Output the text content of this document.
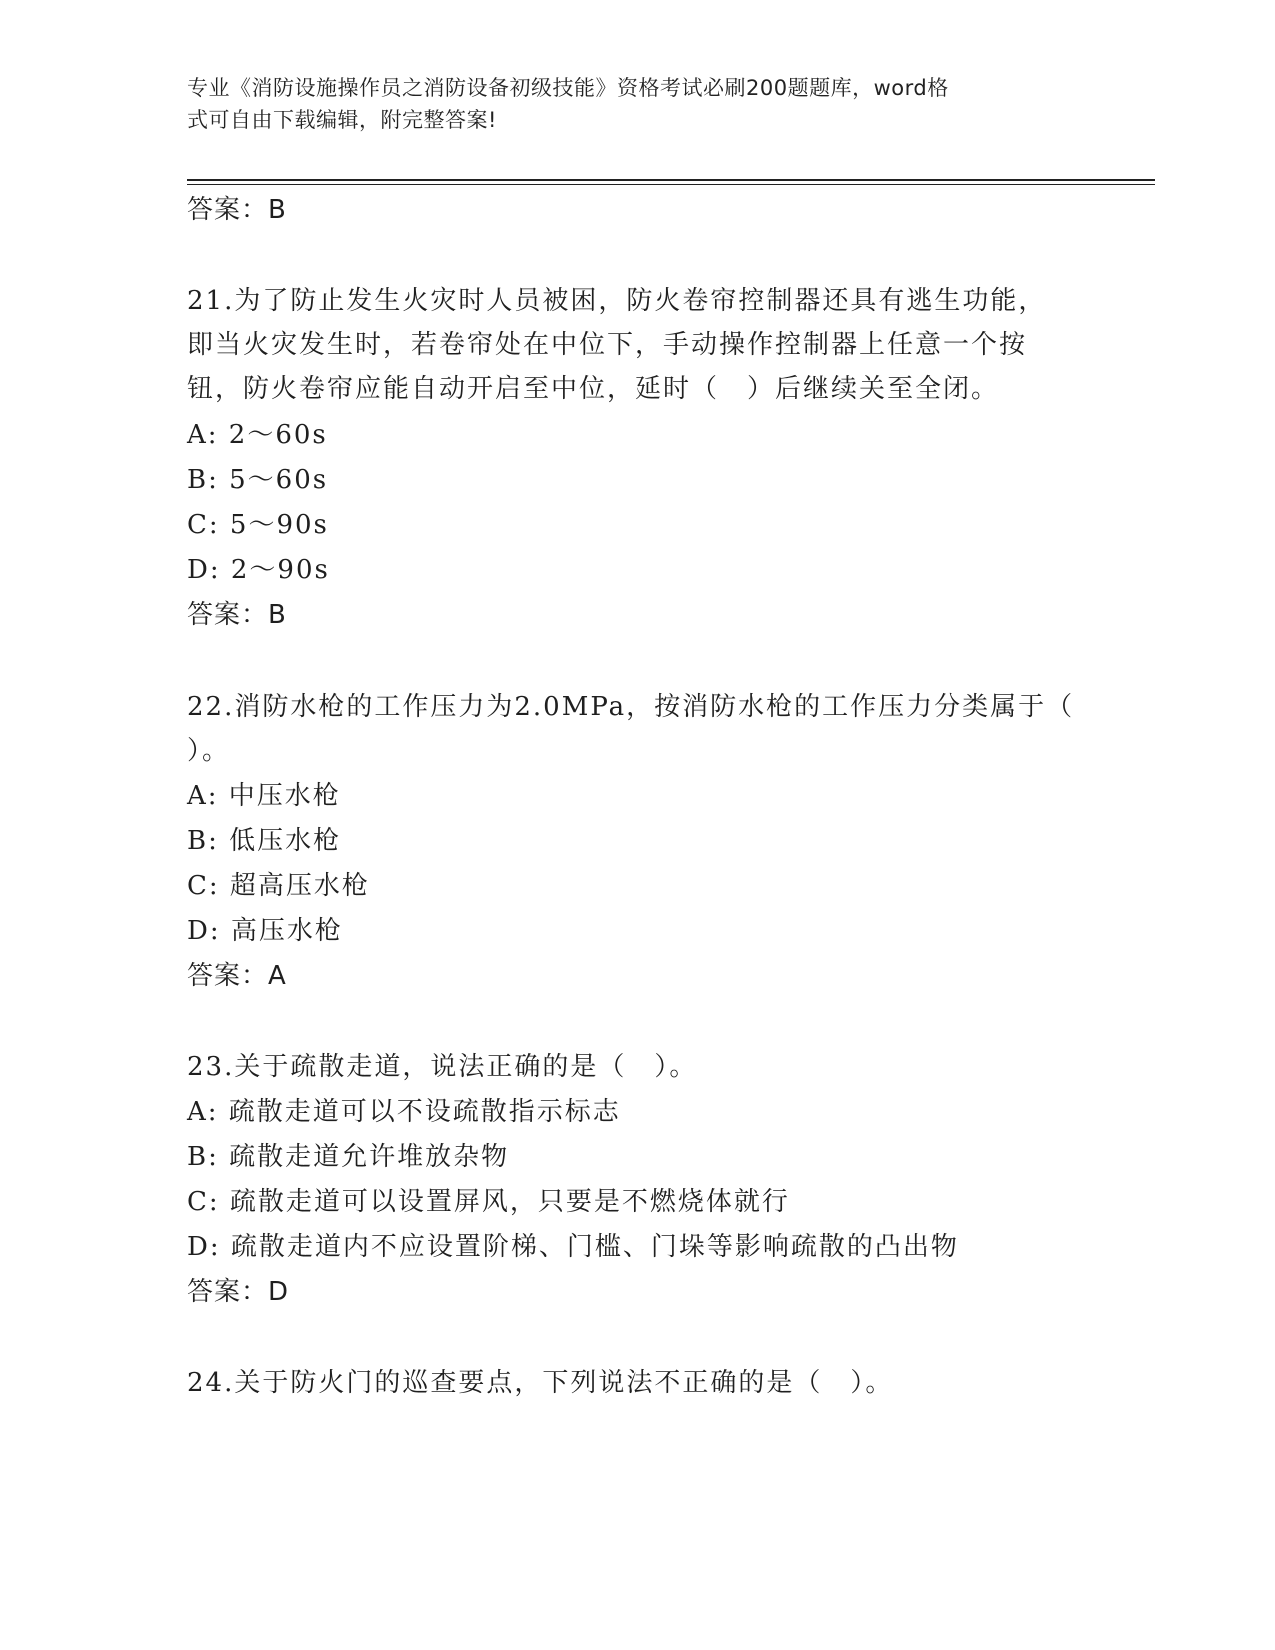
专业《消防设施操作员之消防设备初级技能》资格考试必刷200题题库，word格
式可自由下载编辑，附完整答案!
答案：B
21.为了防止发生火灾时人员被困，防火卷帘控制器还具有逃生功能，
即当火灾发生时，若卷帘处在中位下，手动操作控制器上任意一个按
钮，防火卷帘应能自动开启至中位，延时（　）后继续关至全闭。
A: 2～60s
B: 5～60s
C: 5～90s
D: 2～90s
答案：B
22.消防水枪的工作压力为2.0MPa，按消防水枪的工作压力分类属于（
）。
A: 中压水枪
B: 低压水枪
C: 超高压水枪
D: 高压水枪
答案：A
23.关于疏散走道，说法正确的是（　）。
A: 疏散走道可以不设疏散指示标志
B: 疏散走道允许堆放杂物
C: 疏散走道可以设置屏风，只要是不燃烧体就行
D: 疏散走道内不应设置阶梯、门槛、门垛等影响疏散的凸出物
答案：D
24.关于防火门的巡查要点，下列说法不正确的是（　）。
